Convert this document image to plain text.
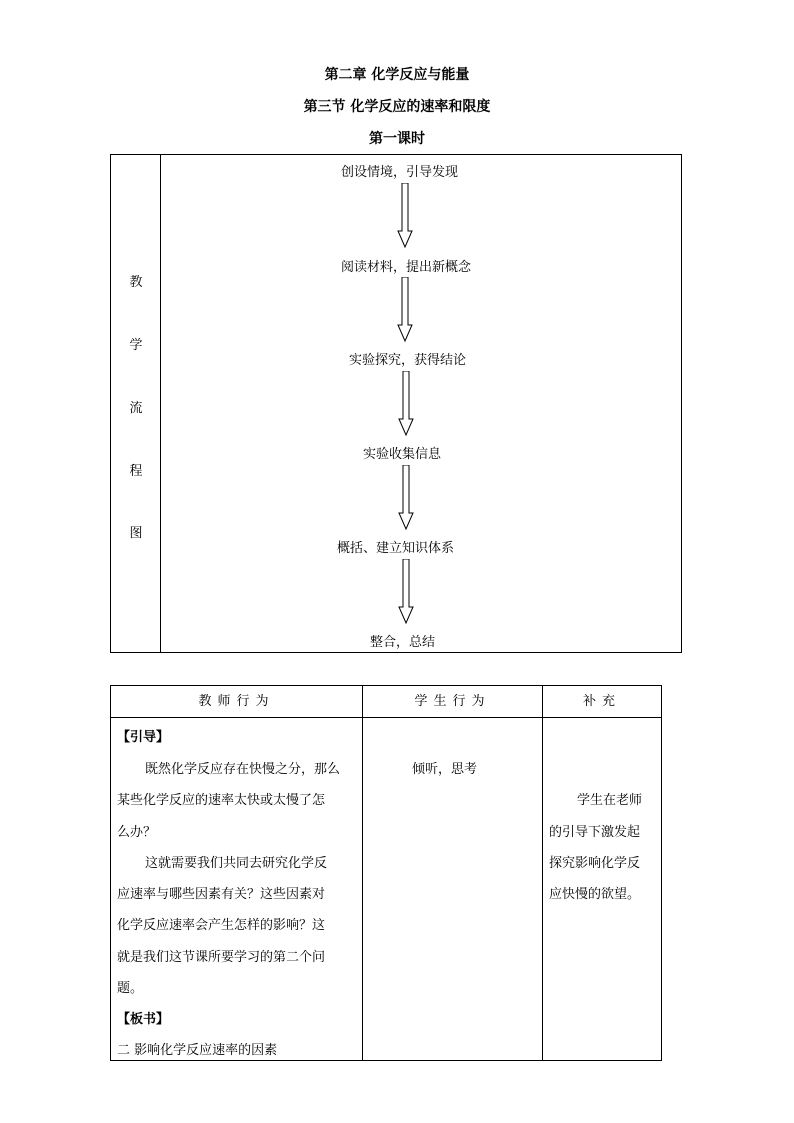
第二章 化学反应与能量
第三节 化学反应的速率和限度
第一课时
教
学
流
程
图
创设情境，引导发现
阅读材料，提出新概念
实验探究，获得结论
实验收集信息
概括、建立知识体系
整合，总结
教师行为	学生行为	补充
【引导】
既然化学反应存在快慢之分，那么
某些化学反应的速率太快或太慢了怎
么办？
这就需要我们共同去研究化学反
应速率与哪些因素有关？这些因素对
化学反应速率会产生怎样的影响？这
就是我们这节课所要学习的第二个问
题。
【板书】
二 影响化学反应速率的因素
倾听，思考
学生在老师
的引导下激发起
探究影响化学反
应快慢的欲望。
